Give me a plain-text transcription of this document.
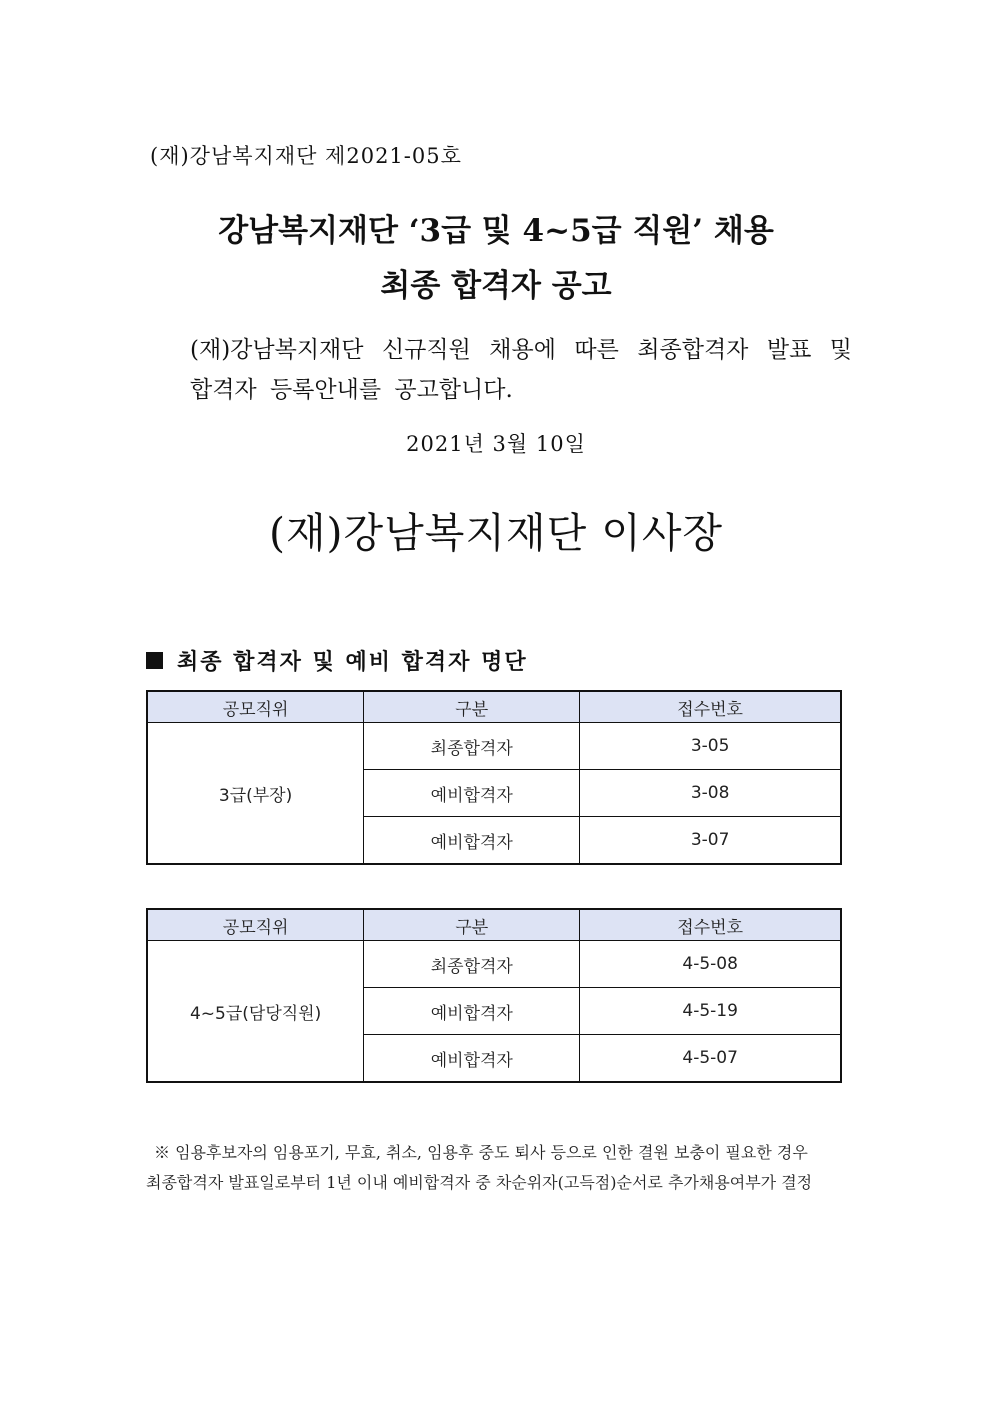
(재)강남복지재단 제2021-05호
강남복지재단 ‘3급 및 4~5급 직원’ 채용
최종 합격자 공고
(재)강남복지재단 신규직원 채용에 따른 최종합격자 발표 및 합격자 등록안내를 공고합니다.
2021년 3월 10일
(재)강남복지재단 이사장
최종 합격자 및 예비 합격자 명단
공모직위	구분	접수번호
3급(부장)	최종합격자	3-05
	예비합격자	3-08
	예비합격자	3-07
공모직위	구분	접수번호
4~5급(담당직원)	최종합격자	4-5-08
	예비합격자	4-5-19
	예비합격자	4-5-07
※ 임용후보자의 임용포기, 무효, 취소, 임용후 중도 퇴사 등으로 인한 결원 보충이 필요한 경우
최종합격자 발표일로부터 1년 이내 예비합격자 중 차순위자(고득점)순서로 추가채용여부가 결정
